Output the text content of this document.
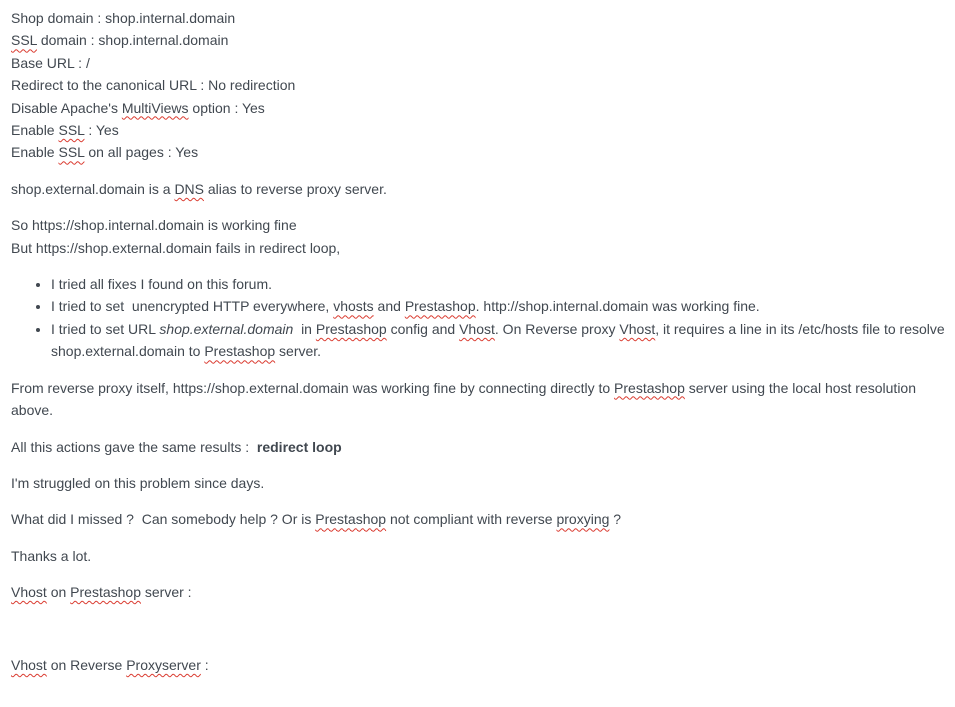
Shop domain : shop.internal.domain
SSL domain : shop.internal.domain
Base URL : /
Redirect to the canonical URL : No redirection
Disable Apache's MultiViews option : Yes
Enable SSL : Yes
Enable SSL on all pages : Yes

shop.external.domain is a DNS alias to reverse proxy server.

So https://shop.internal.domain is working fine
But https://shop.external.domain fails in redirect loop,

• I tried all fixes I found on this forum.
• I tried to set  unencrypted HTTP everywhere, vhosts and Prestashop. http://shop.internal.domain was working fine.
• I tried to set URL shop.external.domain  in Prestashop config and Vhost. On Reverse proxy Vhost, it requires a line in its /etc/hosts file to resolve shop.external.domain to Prestashop server.

From reverse proxy itself, https://shop.external.domain was working fine by connecting directly to Prestashop server using the local host resolution above.

All this actions gave the same results :  redirect loop

I'm struggled on this problem since days.

What did I missed ?  Can somebody help ? Or is Prestashop not compliant with reverse proxying ?

Thanks a lot.

Vhost on Prestashop server :

Vhost on Reverse Proxyserver :
